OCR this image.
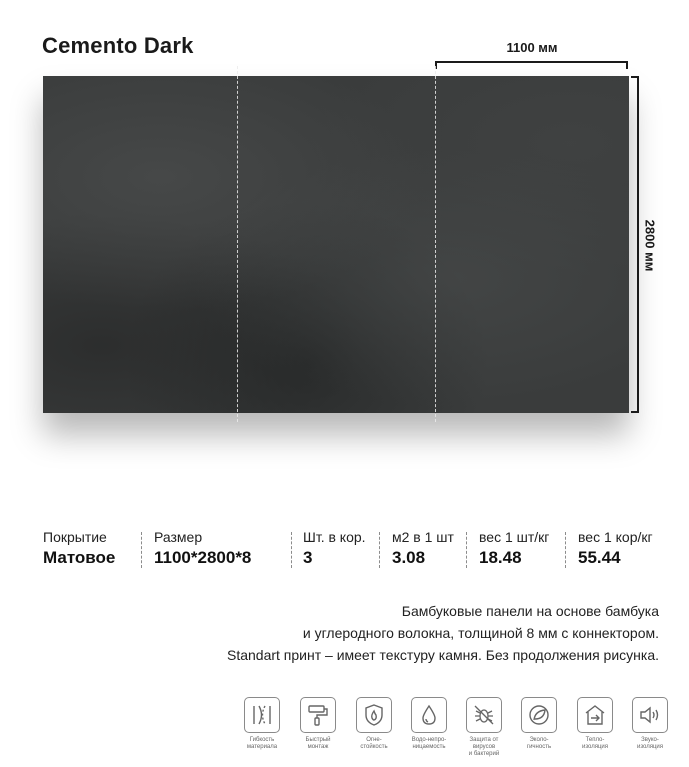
Cemento Dark	1100 мм
2800 мм
Покрытие
Матовое
Размер
1100*2800*8
Шт. в кор.
3
м2 в 1 шт
3.08
вес 1 шт/кг
18.48
вес 1 кор/кг
55.44
Бамбуковые панели на основе бамбука
и углеродного волокна, толщиной 8 мм с коннектором.
Standart принт – имеет текстуру камня. Без продолжения рисунка.
Гибкость
материала
Быстрый
монтаж
Огне-
стойкость
Водо-непро-
ницаемость
Защита от
вирусов
и бактерий
Эколо-
гичность
Тепло-
изоляция
Звуко-
изоляция
